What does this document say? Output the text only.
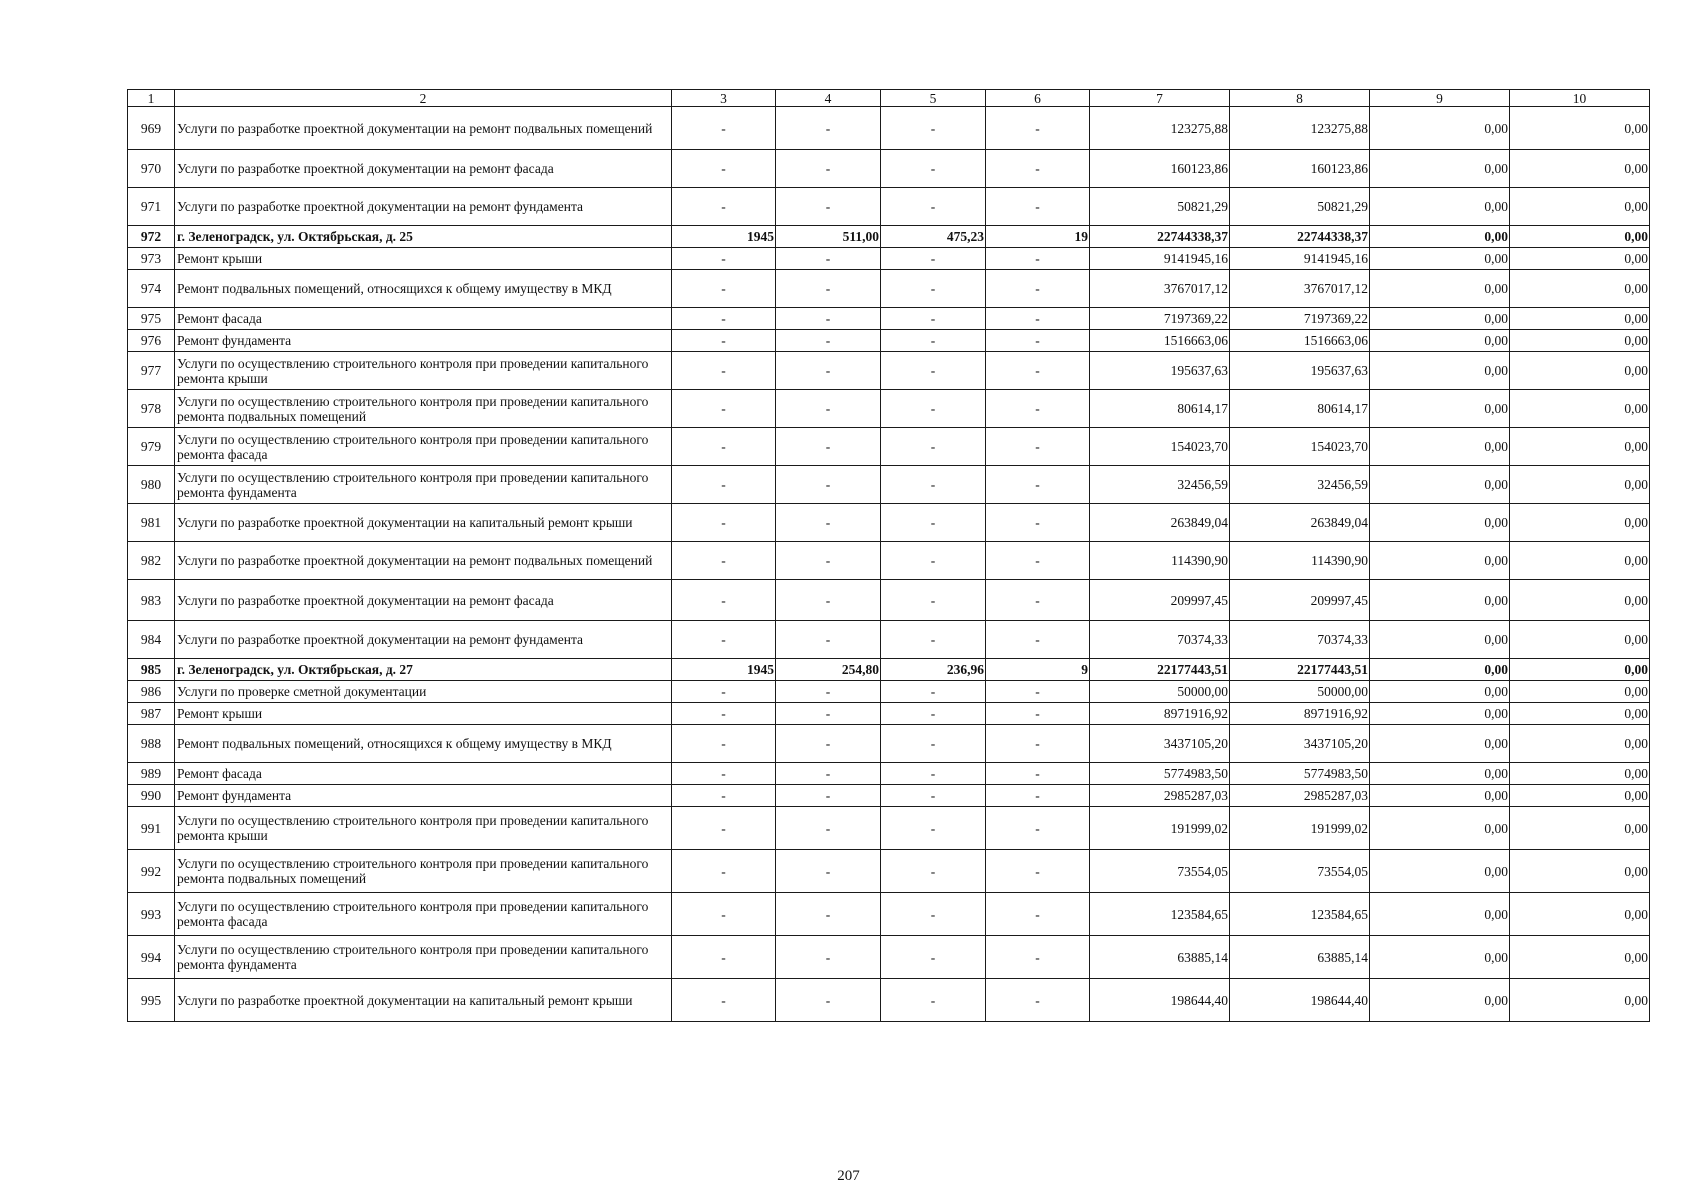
1	2	3	4	5	6	7	8	9	10
969	Услуги по разработке проектной документации на ремонт подвальных помещений	-	-	-	-	123275,88	123275,88	0,00	0,00
970	Услуги по разработке проектной документации на ремонт фасада	-	-	-	-	160123,86	160123,86	0,00	0,00
971	Услуги по разработке проектной документации на ремонт фундамента	-	-	-	-	50821,29	50821,29	0,00	0,00
972	г. Зеленоградск, ул. Октябрьская, д. 25	1945	511,00	475,23	19	22744338,37	22744338,37	0,00	0,00
973	Ремонт крыши	-	-	-	-	9141945,16	9141945,16	0,00	0,00
974	Ремонт подвальных помещений, относящихся к общему имуществу в МКД	-	-	-	-	3767017,12	3767017,12	0,00	0,00
975	Ремонт фасада	-	-	-	-	7197369,22	7197369,22	0,00	0,00
976	Ремонт фундамента	-	-	-	-	1516663,06	1516663,06	0,00	0,00
977	Услуги по осуществлению строительного контроля при проведении капитального ремонта крыши	-	-	-	-	195637,63	195637,63	0,00	0,00
978	Услуги по осуществлению строительного контроля при проведении капитального ремонта подвальных помещений	-	-	-	-	80614,17	80614,17	0,00	0,00
979	Услуги по осуществлению строительного контроля при проведении капитального ремонта фасада	-	-	-	-	154023,70	154023,70	0,00	0,00
980	Услуги по осуществлению строительного контроля при проведении капитального ремонта фундамента	-	-	-	-	32456,59	32456,59	0,00	0,00
981	Услуги по разработке проектной документации на капитальный ремонт крыши	-	-	-	-	263849,04	263849,04	0,00	0,00
982	Услуги по разработке проектной документации на ремонт подвальных помещений	-	-	-	-	114390,90	114390,90	0,00	0,00
983	Услуги по разработке проектной документации на ремонт фасада	-	-	-	-	209997,45	209997,45	0,00	0,00
984	Услуги по разработке проектной документации на ремонт фундамента	-	-	-	-	70374,33	70374,33	0,00	0,00
985	г. Зеленоградск, ул. Октябрьская, д. 27	1945	254,80	236,96	9	22177443,51	22177443,51	0,00	0,00
986	Услуги по проверке сметной документации	-	-	-	-	50000,00	50000,00	0,00	0,00
987	Ремонт крыши	-	-	-	-	8971916,92	8971916,92	0,00	0,00
988	Ремонт подвальных помещений, относящихся к общему имуществу в МКД	-	-	-	-	3437105,20	3437105,20	0,00	0,00
989	Ремонт фасада	-	-	-	-	5774983,50	5774983,50	0,00	0,00
990	Ремонт фундамента	-	-	-	-	2985287,03	2985287,03	0,00	0,00
991	Услуги по осуществлению строительного контроля при проведении капитального ремонта крыши	-	-	-	-	191999,02	191999,02	0,00	0,00
992	Услуги по осуществлению строительного контроля при проведении капитального ремонта подвальных помещений	-	-	-	-	73554,05	73554,05	0,00	0,00
993	Услуги по осуществлению строительного контроля при проведении капитального ремонта фасада	-	-	-	-	123584,65	123584,65	0,00	0,00
994	Услуги по осуществлению строительного контроля при проведении капитального ремонта фундамента	-	-	-	-	63885,14	63885,14	0,00	0,00
995	Услуги по разработке проектной документации на капитальный ремонт крыши	-	-	-	-	198644,40	198644,40	0,00	0,00
207
